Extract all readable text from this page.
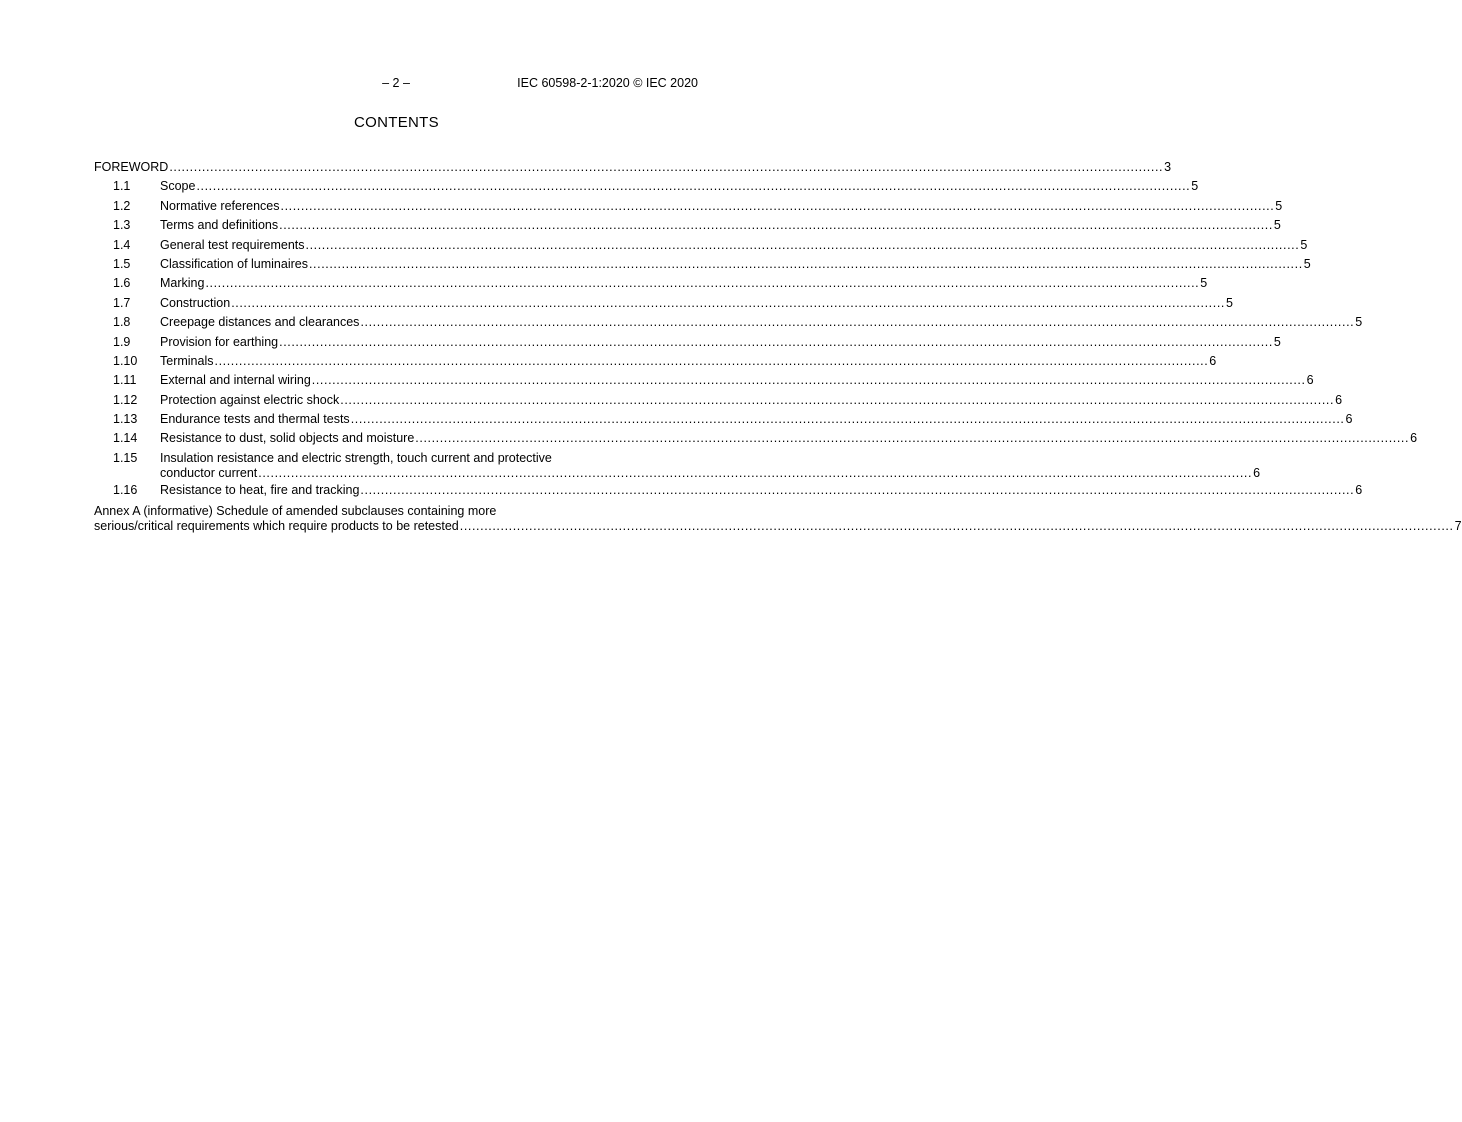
– 2 –	IEC 60598-2-1:2020 © IEC 2020
CONTENTS
FOREWORD .....	3
1.1	Scope .....	5
1.2	Normative references .....	5
1.3	Terms and definitions .....	5
1.4	General test requirements .....	5
1.5	Classification of luminaires .....	5
1.6	Marking .....	5
1.7	Construction .....	5
1.8	Creepage distances and clearances .....	5
1.9	Provision for earthing .....	5
1.10	Terminals .....	6
1.11	External and internal wiring .....	6
1.12	Protection against electric shock .....	6
1.13	Endurance tests and thermal tests .....	6
1.14	Resistance to dust, solid objects and moisture .....	6
1.15	Insulation resistance and electric strength, touch current and protective
conductor current .....	6
1.16	Resistance to heat, fire and tracking .....	6
Annex A (informative) Schedule of amended subclauses containing more
serious/critical requirements which require products to be retested .....	7
